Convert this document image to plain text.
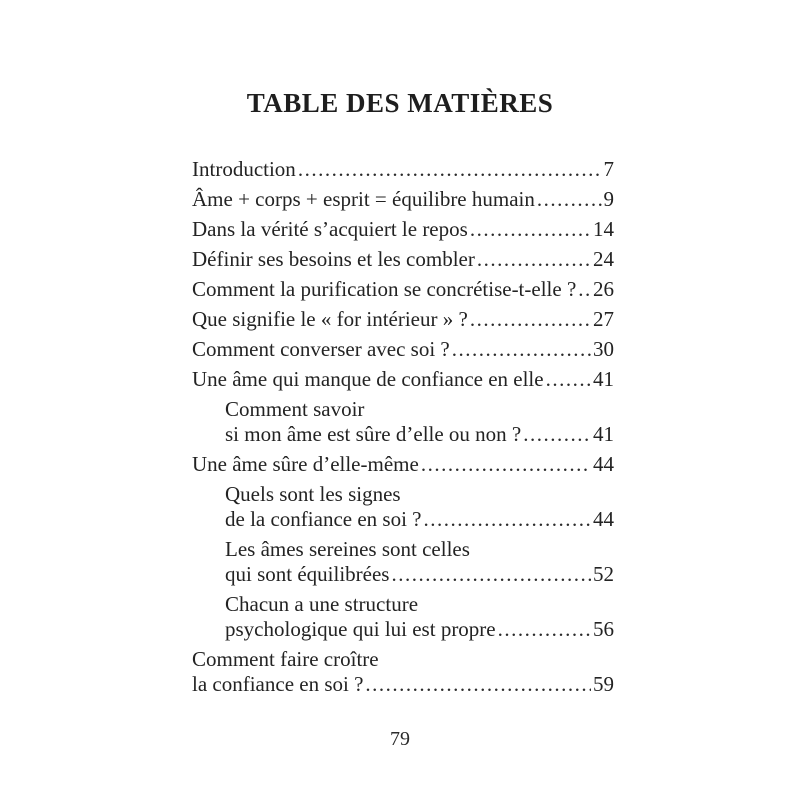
TABLE DES MATIÈRES
Introduction .....	7
Âme + corps + esprit = équilibre humain .....	9
Dans la vérité s’acquiert le repos .....	14
Définir ses besoins et les combler .....	24
Comment la purification se concrétise-t-elle ? ..... 26
Que signifie le « for intérieur » ? .....	27
Comment converser avec soi ? .....	30
Une âme qui manque de confiance en elle ..... 41
Comment savoir
si mon âme est sûre d’elle ou non ? .....	41
Une âme sûre d’elle-même .....	44
Quels sont les signes
de la confiance en soi ? .....	44
Les âmes sereines sont celles
qui sont équilibrées .....	52
Chacun a une structure
psychologique qui lui est propre .....	56
Comment faire croître
la confiance en soi ? .....	59
79
